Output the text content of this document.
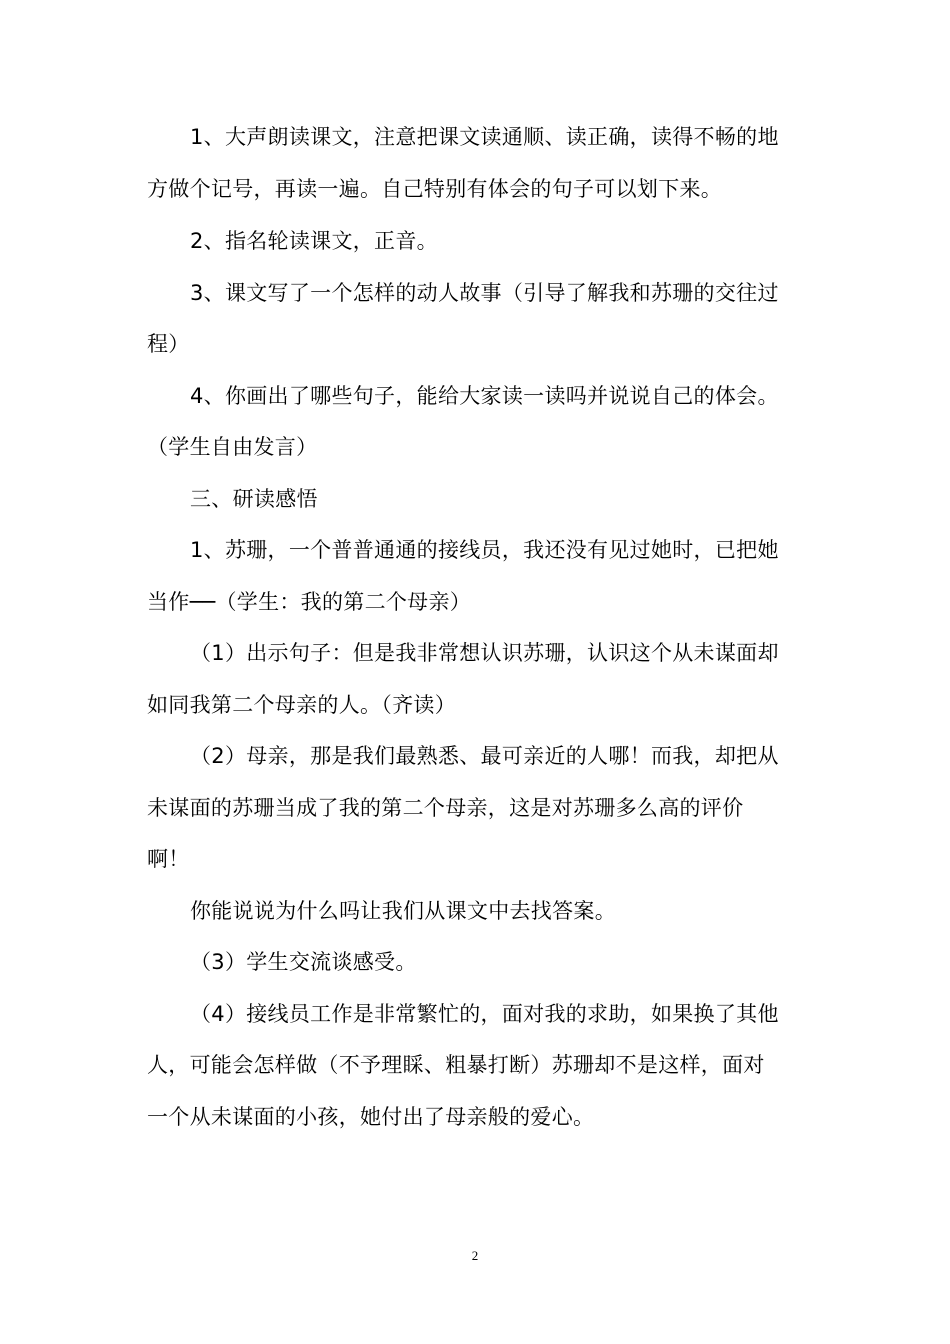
1、大声朗读课文，注意把课文读通顺、读正确，读得不畅的地
方做个记号，再读一遍。自己特别有体会的句子可以划下来。
2、指名轮读课文，正音。
3、课文写了一个怎样的动人故事（引导了解我和苏珊的交往过
程）
4、你画出了哪些句子，能给大家读一读吗并说说自己的体会。
（学生自由发言）
三、研读感悟
1、苏珊，一个普普通通的接线员，我还没有见过她时，已把她
当作──（学生：我的第二个母亲）
（1）出示句子：但是我非常想认识苏珊，认识这个从未谋面却
如同我第二个母亲的人。（齐读）
（2）母亲，那是我们最熟悉、最可亲近的人哪！而我，却把从
未谋面的苏珊当成了我的第二个母亲，这是对苏珊多么高的评价
啊！
你能说说为什么吗让我们从课文中去找答案。
（3）学生交流谈感受。
（4）接线员工作是非常繁忙的，面对我的求助，如果换了其他
人，可能会怎样做（不予理睬、粗暴打断）苏珊却不是这样，面对
一个从未谋面的小孩，她付出了母亲般的爱心。
2
